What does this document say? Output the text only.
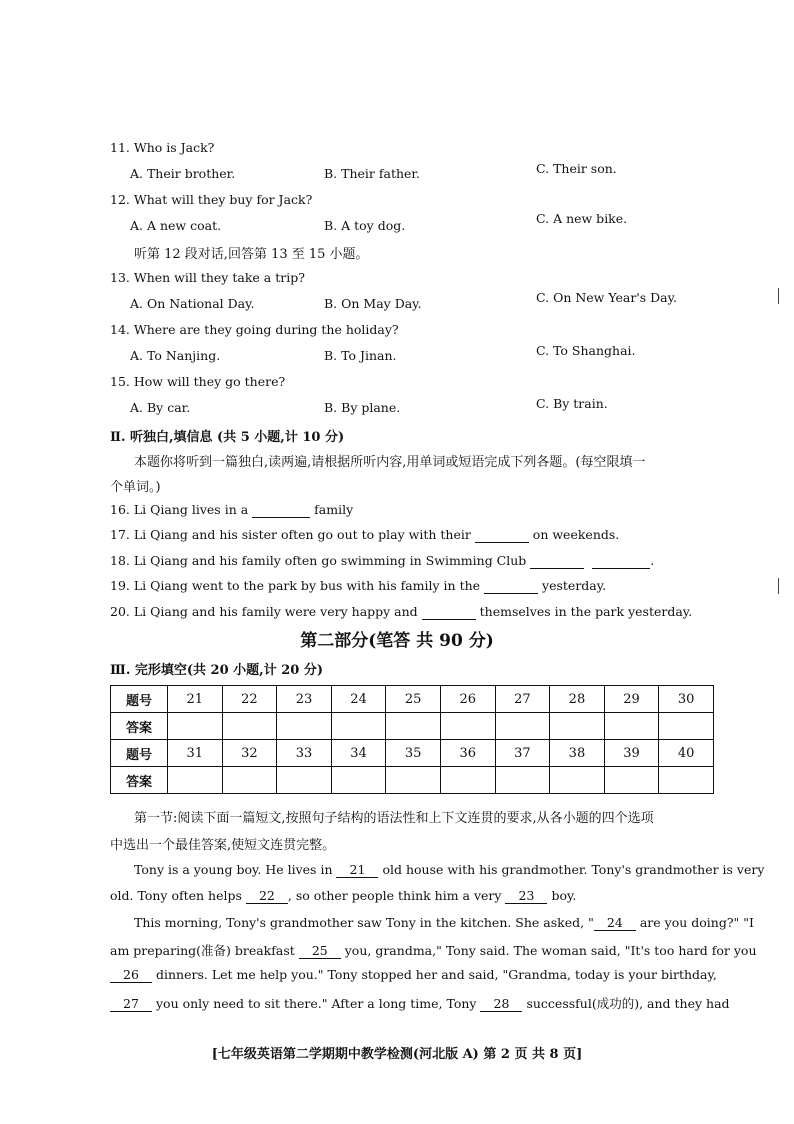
11. Who is Jack?
A. Their brother.	B. Their father.	C. Their son.
12. What will they buy for Jack?
A. A new coat.	B. A toy dog.	C. A new bike.
听第 12 段对话,回答第 13 至 15 小题。
13. When will they take a trip?
A. On National Day.	B. On May Day.	C. On New Year's Day.
14. Where are they going during the holiday?
A. To Nanjing.	B. To Jinan.	C. To Shanghai.
15. How will they go there?
A. By car.	B. By plane.	C. By train.
Ⅱ. 听独白,填信息 (共 5 小题,计 10 分)
本题你将听到一篇独白,读两遍,请根据所听内容,用单词或短语完成下列各题。(每空限填一
个单词。)
16. Li Qiang lives in a	family
17. Li Qiang and his sister often go out to play with their	on weekends.
18. Li Qiang and his family often go swimming in Swimming Club	.
19. Li Qiang went to the park by bus with his family in the	yesterday.
20. Li Qiang and his family were very happy and	themselves in the park yesterday.
第二部分(笔答 共 90 分)
Ⅲ. 完形填空(共 20 小题,计 20 分)
题号	21	22	23	24	25	26	27	28	29	30
答案										
题号	31	32	33	34	35	36	37	38	39	40
答案										
第一节:阅读下面一篇短文,按照句子结构的语法性和上下文连贯的要求,从各小题的四个选项
中选出一个最佳答案,使短文连贯完整。
Tony is a young boy. He lives in 21 old house with his grandmother. Tony's grandmother is very
old. Tony often helps 22 , so other people think him a very 23 boy.
This morning, Tony's grandmother saw Tony in the kitchen. She asked, " 24 are you doing?" "I
am preparing(准备) breakfast 25 you, grandma," Tony said. The woman said, "It's too hard for you
26 dinners. Let me help you." Tony stopped her and said, "Grandma, today is your birthday,
27 you only need to sit there." After a long time, Tony 28 successful(成功的), and they had
[七年级英语第二学期期中教学检测(河北版 A) 第 2 页 共 8 页]
